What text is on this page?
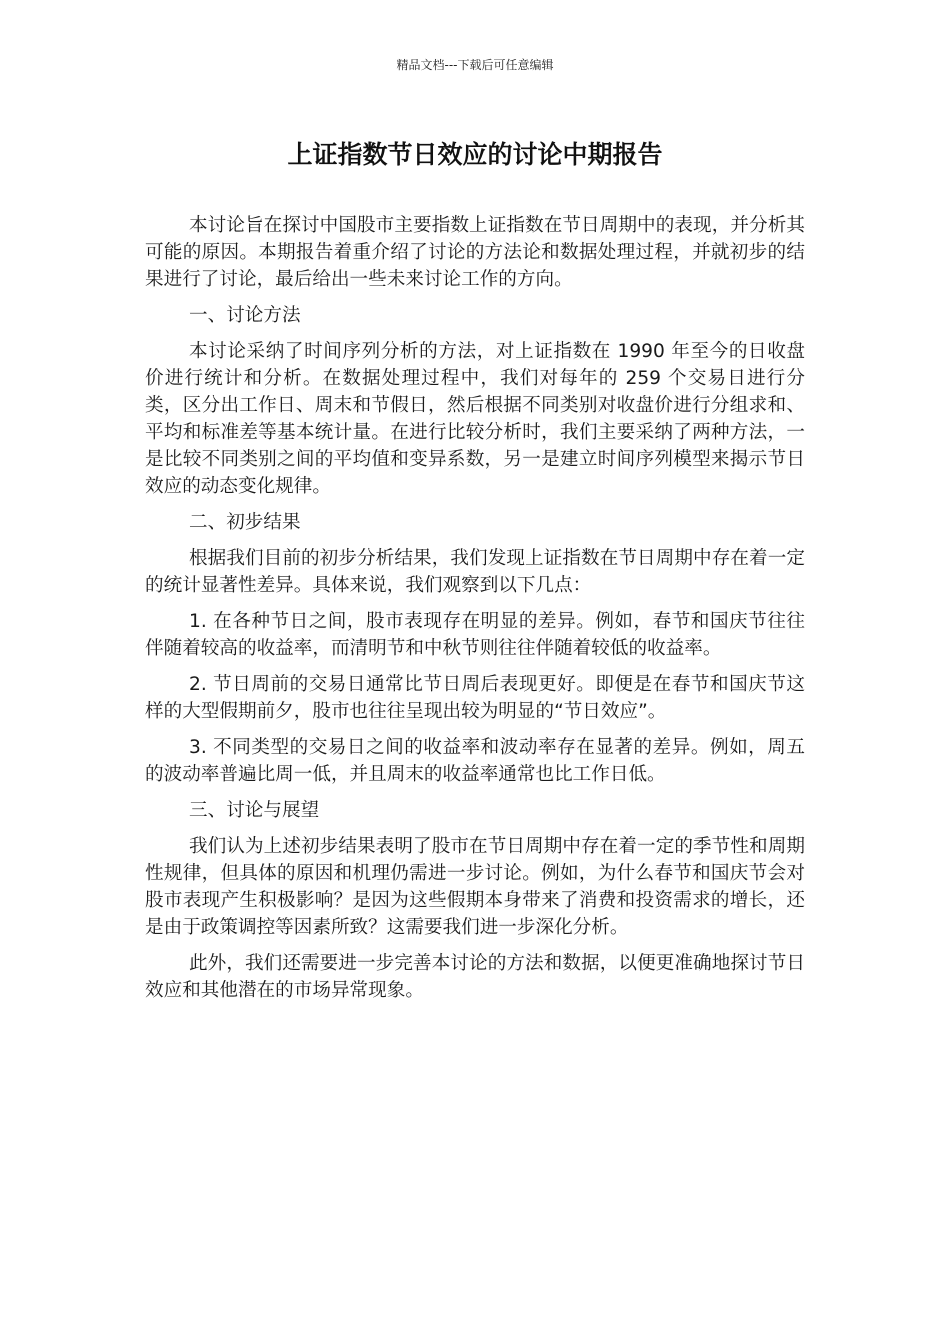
精品文档---下载后可任意编辑
上证指数节日效应的讨论中期报告

本讨论旨在探讨中国股市主要指数上证指数在节日周期中的表现，并分析其可能的原因。本期报告着重介绍了讨论的方法论和数据处理过程，并就初步的结果进行了讨论，最后给出一些未来讨论工作的方向。

一、讨论方法

本讨论采纳了时间序列分析的方法，对上证指数在 1990 年至今的日收盘价进行统计和分析。在数据处理过程中，我们对每年的 259 个交易日进行分类，区分出工作日、周末和节假日，然后根据不同类别对收盘价进行分组求和、平均和标准差等基本统计量。在进行比较分析时，我们主要采纳了两种方法，一是比较不同类别之间的平均值和变异系数，另一是建立时间序列模型来揭示节日效应的动态变化规律。

二、初步结果

根据我们目前的初步分析结果，我们发现上证指数在节日周期中存在着一定的统计显著性差异。具体来说，我们观察到以下几点：

1. 在各种节日之间，股市表现存在明显的差异。例如，春节和国庆节往往伴随着较高的收益率，而清明节和中秋节则往往伴随着较低的收益率。

2. 节日周前的交易日通常比节日周后表现更好。即便是在春节和国庆节这样的大型假期前夕，股市也往往呈现出较为明显的“节日效应”。

3. 不同类型的交易日之间的收益率和波动率存在显著的差异。例如，周五的波动率普遍比周一低，并且周末的收益率通常也比工作日低。

三、讨论与展望

我们认为上述初步结果表明了股市在节日周期中存在着一定的季节性和周期性规律，但具体的原因和机理仍需进一步讨论。例如，为什么春节和国庆节会对股市表现产生积极影响？是因为这些假期本身带来了消费和投资需求的增长，还是由于政策调控等因素所致？这需要我们进一步深化分析。

此外，我们还需要进一步完善本讨论的方法和数据，以便更准确地探讨节日效应和其他潜在的市场异常现象。
